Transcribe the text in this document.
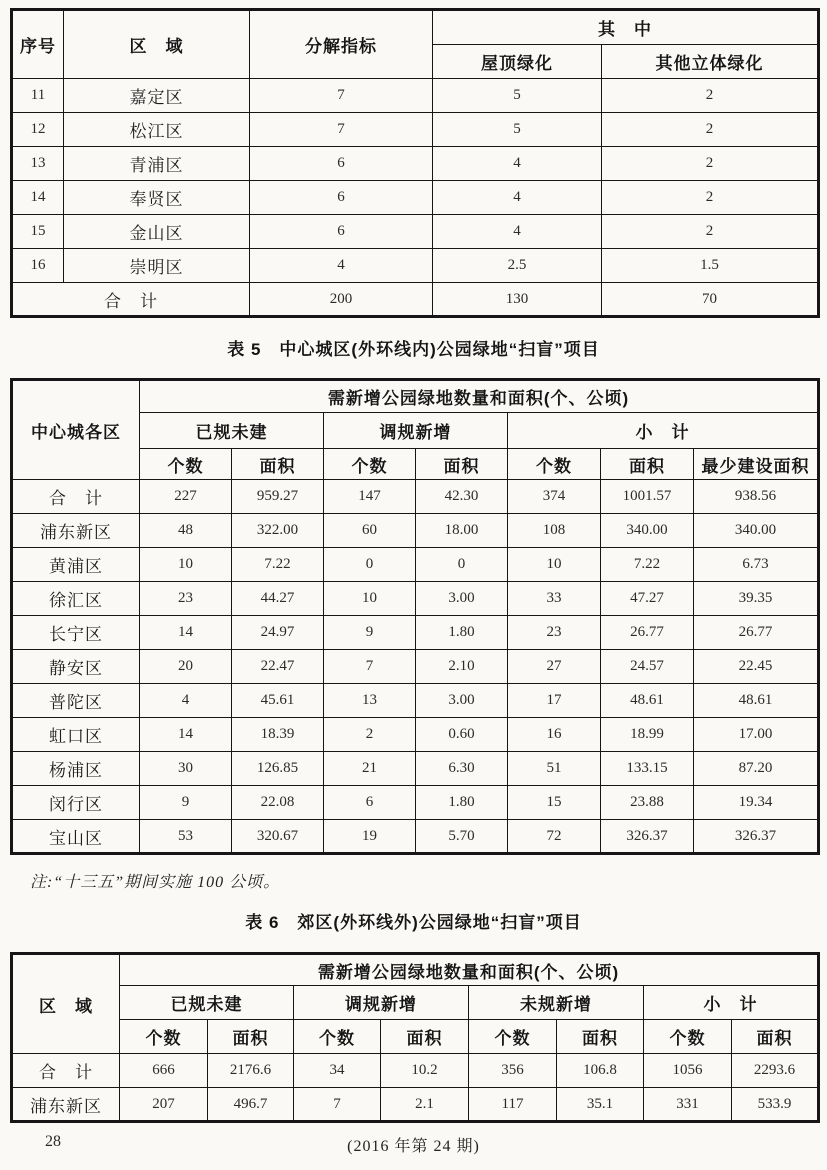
序号	区　域	分解指标	其　中	
			屋顶绿化	其他立体绿化
11	嘉定区	7	5	2
12	松江区	7	5	2
13	青浦区	6	4	2
14	奉贤区	6	4	2
15	金山区	6	4	2
16	崇明区	4	2.5	1.5
合　计		200	130	70
表 5　中心城区(外环线内)公园绿地“扫盲”项目
中心城各区	需新增公园绿地数量和面积(个、公顷)						
	已规未建		调规新增		小　计		
	个数	面积	个数	面积	个数	面积	最少建设面积
合　计	227	959.27	147	42.30	374	1001.57	938.56
浦东新区	48	322.00	60	18.00	108	340.00	340.00
黄浦区	10	7.22	0	0	10	7.22	6.73
徐汇区	23	44.27	10	3.00	33	47.27	39.35
长宁区	14	24.97	9	1.80	23	26.77	26.77
静安区	20	22.47	7	2.10	27	24.57	22.45
普陀区	4	45.61	13	3.00	17	48.61	48.61
虹口区	14	18.39	2	0.60	16	18.99	17.00
杨浦区	30	126.85	21	6.30	51	133.15	87.20
闵行区	9	22.08	6	1.80	15	23.88	19.34
宝山区	53	320.67	19	5.70	72	326.37	326.37
注:“十三五”期间实施 100 公顷。
表 6　郊区(外环线外)公园绿地“扫盲”项目
区　域	需新增公园绿地数量和面积(个、公顷)							
	已规未建		调规新增		未规新增		小　计	
	个数	面积	个数	面积	个数	面积	个数	面积
合　计	666	2176.6	34	10.2	356	106.8	1056	2293.6
浦东新区	207	496.7	7	2.1	117	35.1	331	533.9
28	(2016 年第 24 期)
